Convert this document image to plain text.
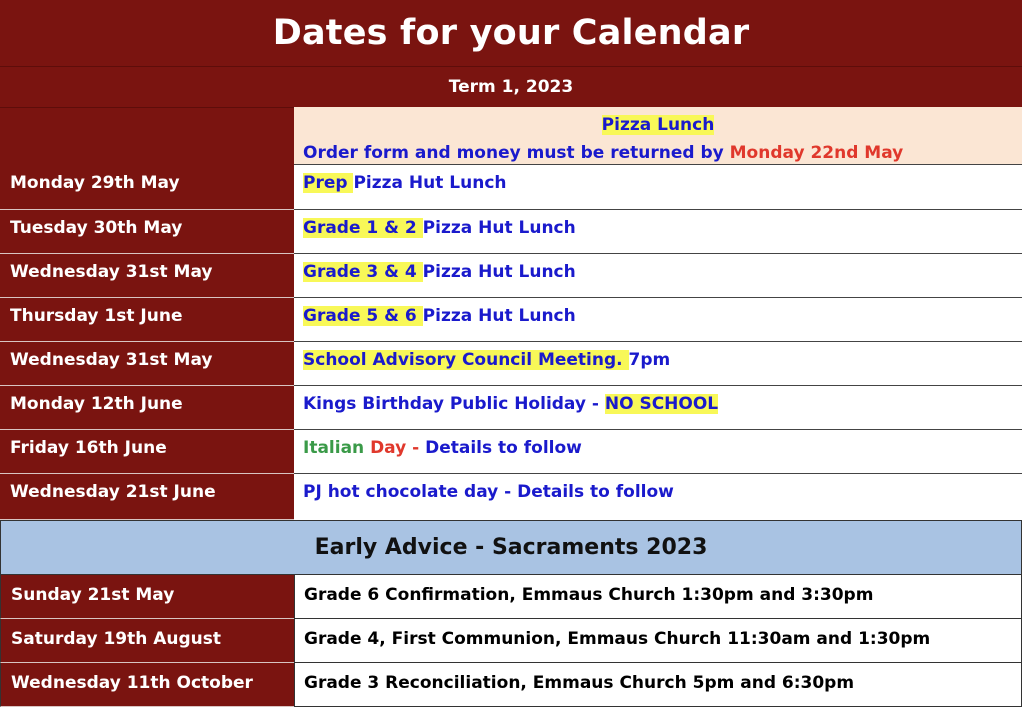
Dates for your Calendar
Term 1, 2023
Pizza Lunch
Order form and money must be returned by Monday 22nd May
Monday 29th May	Prep Pizza Hut Lunch
Tuesday 30th May	Grade 1 & 2 Pizza Hut Lunch
Wednesday 31st May	Grade 3 & 4 Pizza Hut Lunch
Thursday 1st June	Grade 5 & 6 Pizza Hut Lunch
Wednesday 31st May	School Advisory Council Meeting. 7pm
Monday 12th June	Kings Birthday Public Holiday - NO SCHOOL
Friday 16th June	Italian Day - Details to follow
Wednesday 21st June	PJ hot chocolate day - Details to follow
Early Advice - Sacraments 2023
Sunday 21st May	Grade 6 Confirmation, Emmaus Church 1:30pm and 3:30pm
Saturday 19th August	Grade 4, First Communion, Emmaus Church 11:30am and 1:30pm
Wednesday 11th October	Grade 3 Reconciliation, Emmaus Church 5pm and 6:30pm
